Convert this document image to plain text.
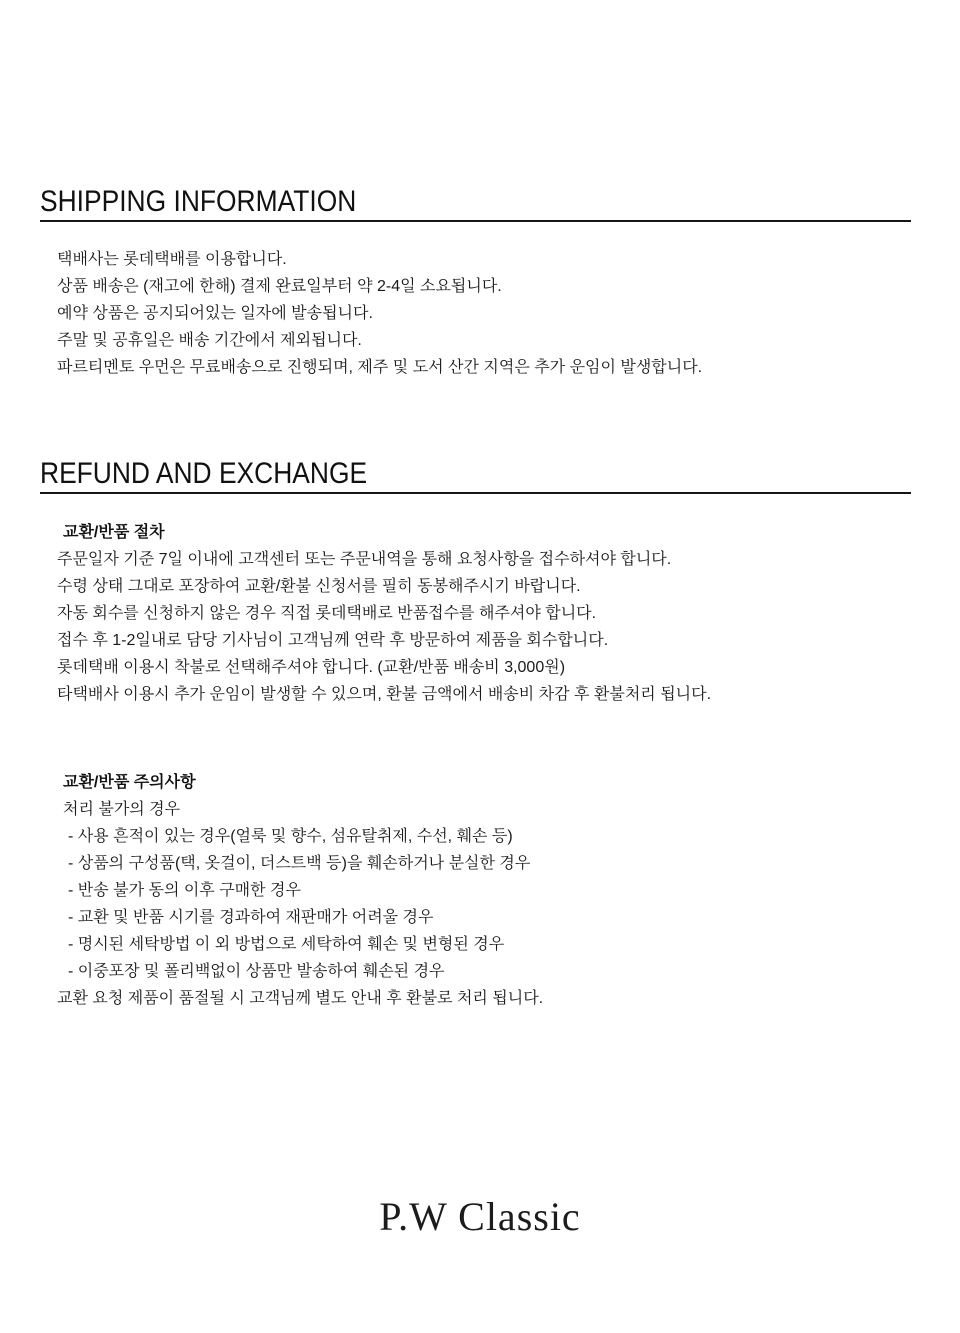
SHIPPING INFORMATION
택배사는 롯데택배를 이용합니다.
상품 배송은 (재고에 한해) 결제 완료일부터 약 2-4일 소요됩니다.
예약 상품은 공지되어있는 일자에 발송됩니다.
주말 및 공휴일은 배송 기간에서 제외됩니다.
파르티멘토 우먼은 무료배송으로 진행되며, 제주 및 도서 산간 지역은 추가 운임이 발생합니다.
REFUND AND EXCHANGE
교환/반품 절차
주문일자 기준 7일 이내에 고객센터 또는 주문내역을 통해 요청사항을 접수하셔야 합니다.
수령 상태 그대로 포장하여 교환/환불 신청서를 필히 동봉해주시기 바랍니다.
자동 회수를 신청하지 않은 경우 직접 롯데택배로 반품접수를 해주셔야 합니다.
접수 후 1-2일내로 담당 기사님이 고객님께 연락 후 방문하여 제품을 회수합니다.
롯데택배 이용시 착불로 선택해주셔야 합니다. (교환/반품 배송비 3,000원)
타택배사 이용시 추가 운임이 발생할 수 있으며, 환불 금액에서 배송비 차감 후 환불처리 됩니다.
교환/반품 주의사항
처리 불가의 경우
- 사용 흔적이 있는 경우(얼룩 및 향수, 섬유탈취제, 수선, 훼손 등)
- 상품의 구성품(택, 옷걸이, 더스트백 등)을 훼손하거나 분실한 경우
- 반송 불가 동의 이후 구매한 경우
- 교환 및 반품 시기를 경과하여 재판매가 어려울 경우
- 명시된 세탁방법 이 외 방법으로 세탁하여 훼손 및 변형된 경우
- 이중포장 및 폴리백없이 상품만 발송하여 훼손된 경우
교환 요청 제품이 품절될 시 고객님께 별도 안내 후 환불로 처리 됩니다.
P.W Classic
